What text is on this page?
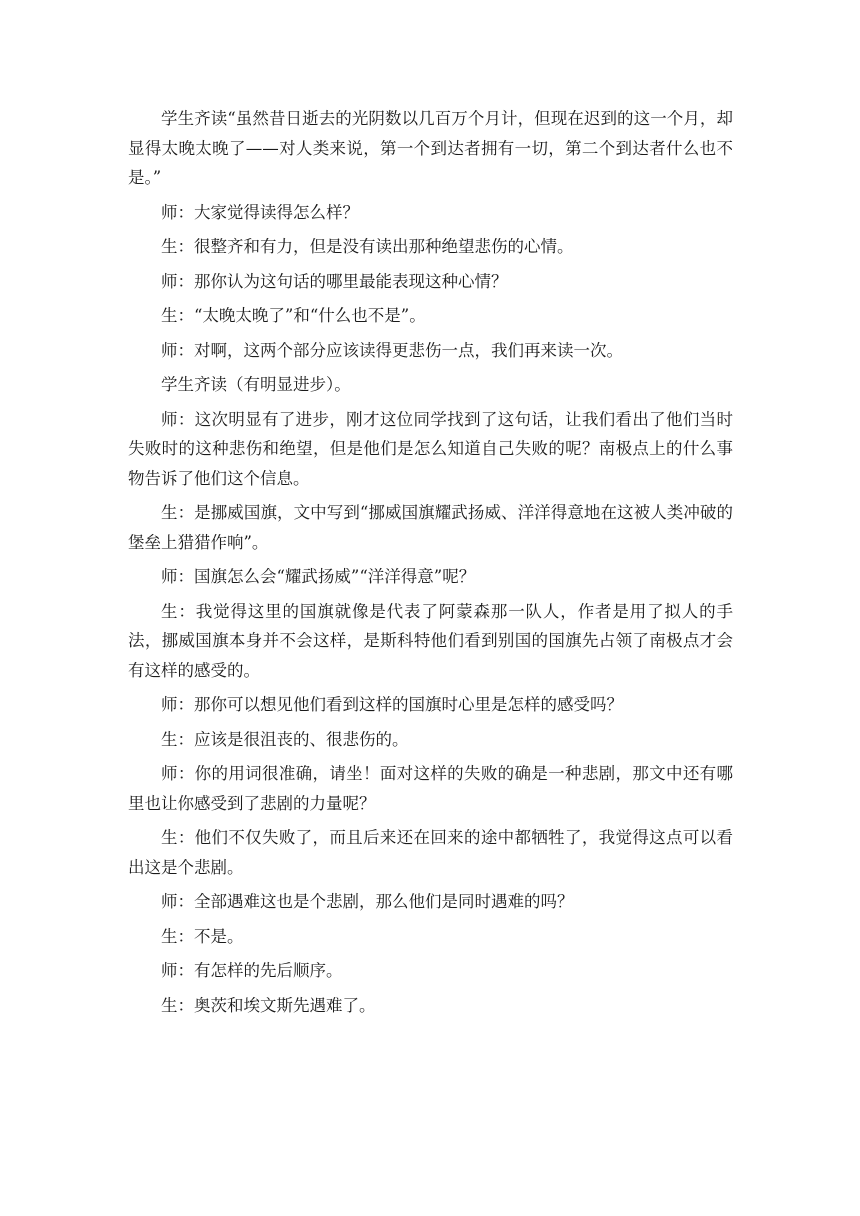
学生齐读“虽然昔日逝去的光阴数以几百万个月计，但现在迟到的这一个月，却显得太晚太晚了——对人类来说，第一个到达者拥有一切，第二个到达者什么也不是。”

师：大家觉得读得怎么样？

生：很整齐和有力，但是没有读出那种绝望悲伤的心情。

师：那你认为这句话的哪里最能表现这种心情？

生：“太晚太晚了”和“什么也不是”。

师：对啊，这两个部分应该读得更悲伤一点，我们再来读一次。

学生齐读（有明显进步）。

师：这次明显有了进步，刚才这位同学找到了这句话，让我们看出了他们当时失败时的这种悲伤和绝望，但是他们是怎么知道自己失败的呢？南极点上的什么事物告诉了他们这个信息。

生：是挪威国旗，文中写到“挪威国旗耀武扬威、洋洋得意地在这被人类冲破的堡垒上猎猎作响”。

师：国旗怎么会“耀武扬威”“洋洋得意”呢？

生：我觉得这里的国旗就像是代表了阿蒙森那一队人，作者是用了拟人的手法，挪威国旗本身并不会这样，是斯科特他们看到别国的国旗先占领了南极点才会有这样的感受的。

师：那你可以想见他们看到这样的国旗时心里是怎样的感受吗？

生：应该是很沮丧的、很悲伤的。

师：你的用词很准确，请坐！面对这样的失败的确是一种悲剧，那文中还有哪里也让你感受到了悲剧的力量呢？

生：他们不仅失败了，而且后来还在回来的途中都牺牲了，我觉得这点可以看出这是个悲剧。

师：全部遇难这也是个悲剧，那么他们是同时遇难的吗？

生：不是。

师：有怎样的先后顺序。

生：奥茨和埃文斯先遇难了。
